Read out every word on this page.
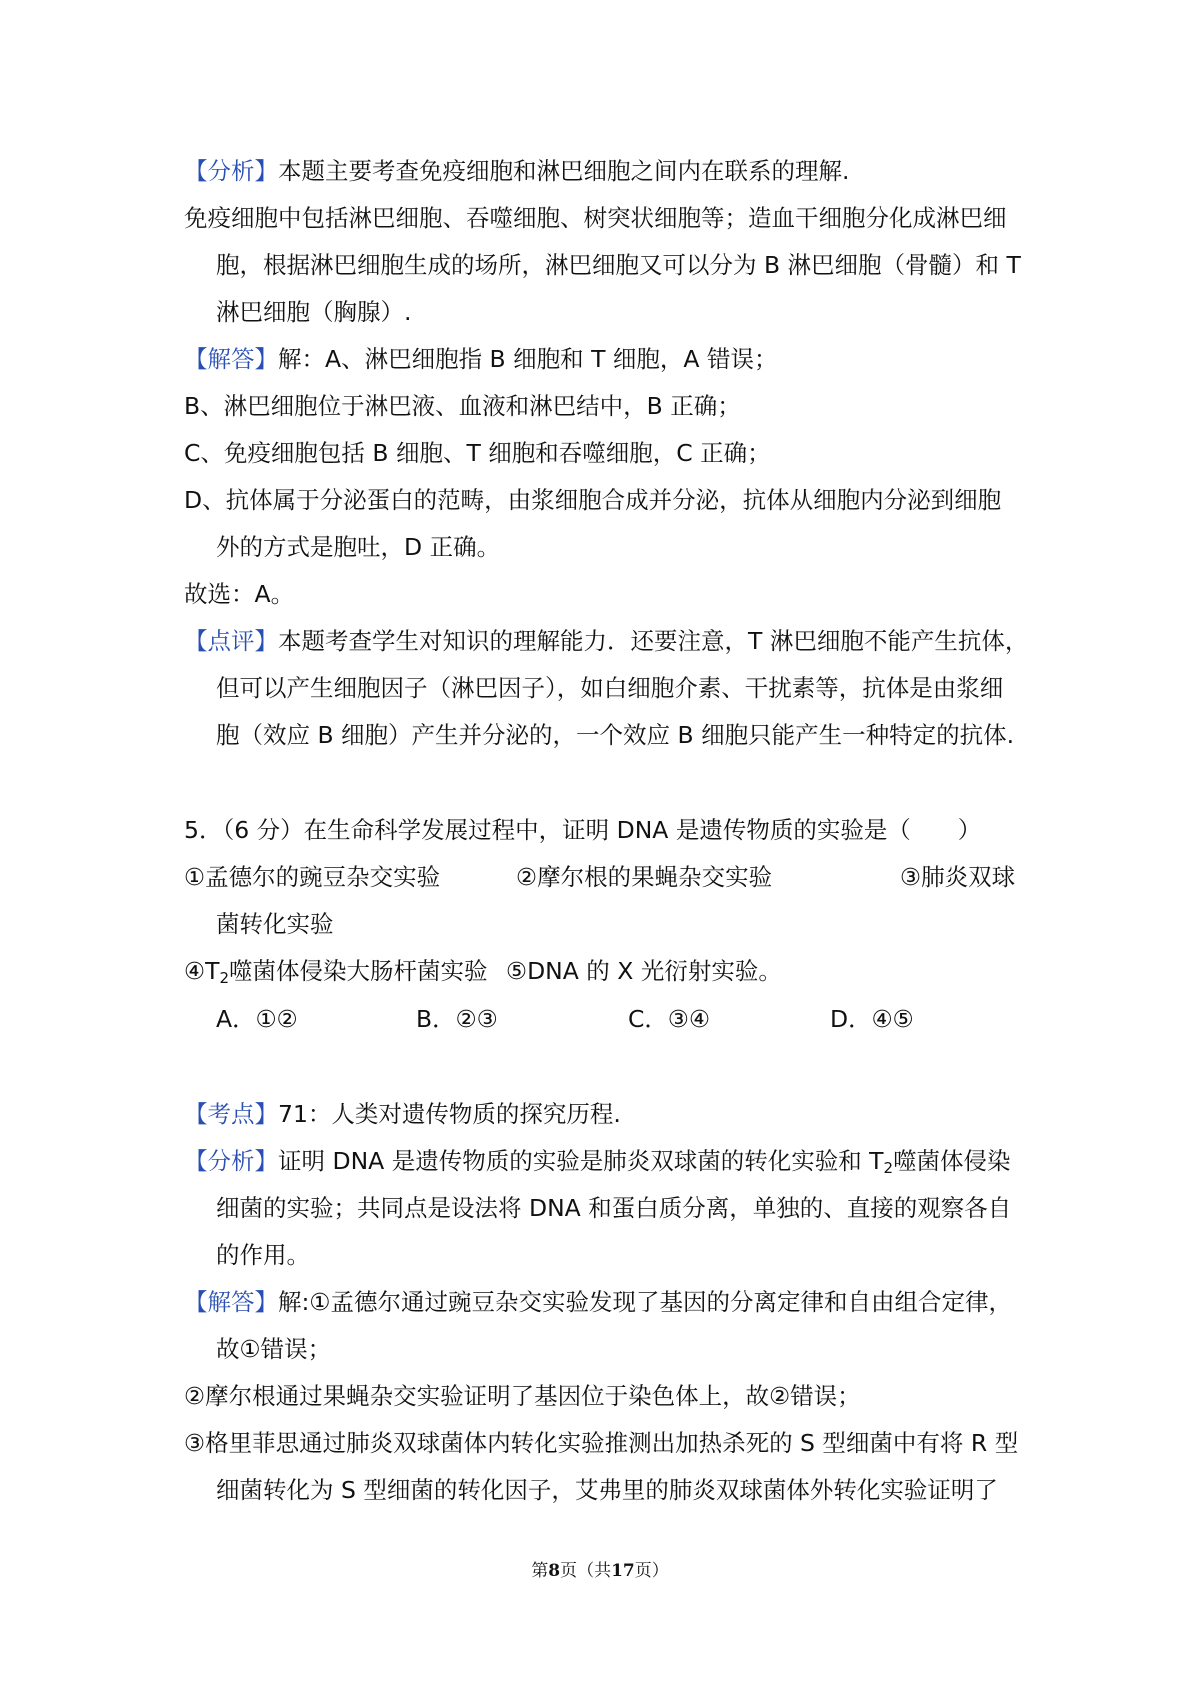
【分析】本题主要考查免疫细胞和淋巴细胞之间内在联系的理解.
免疫细胞中包括淋巴细胞、吞噬细胞、树突状细胞等；造血干细胞分化成淋巴细
胞，根据淋巴细胞生成的场所，淋巴细胞又可以分为 B 淋巴细胞（骨髓）和 T
淋巴细胞（胸腺）.
【解答】解：A、淋巴细胞指 B 细胞和 T 细胞，A 错误；
B、淋巴细胞位于淋巴液、血液和淋巴结中，B 正确；
C、免疫细胞包括 B 细胞、T 细胞和吞噬细胞，C 正确；
D、抗体属于分泌蛋白的范畴，由浆细胞合成并分泌，抗体从细胞内分泌到细胞
外的方式是胞吐，D 正确。
故选：A。
【点评】本题考查学生对知识的理解能力．还要注意，T 淋巴细胞不能产生抗体，
但可以产生细胞因子（淋巴因子），如白细胞介素、干扰素等，抗体是由浆细
胞（效应 B 细胞）产生并分泌的，一个效应 B 细胞只能产生一种特定的抗体.
5．（6 分）在生命科学发展过程中，证明 DNA 是遗传物质的实验是（　　）
①孟德尔的豌豆杂交实验	②摩尔根的果蝇杂交实验	③肺炎双球
菌转化实验
$④T_2$噬菌体侵染大肠杆菌实验 ⑤DNA 的 X 光衍射实验。
A．①②	B．②③	C．③④	D．④⑤
【考点】71：人类对遗传物质的探究历程.
【分析】证明 DNA 是遗传物质的实验是肺炎双球菌的转化实验和 $T_2$噬菌体侵染
细菌的实验；共同点是设法将 DNA 和蛋白质分离，单独的、直接的观察各自
的作用。
【解答】解:①孟德尔通过豌豆杂交实验发现了基因的分离定律和自由组合定律，
故①错误；
②摩尔根通过果蝇杂交实验证明了基因位于染色体上，故②错误；
③格里菲思通过肺炎双球菌体内转化实验推测出加热杀死的 S 型细菌中有将 R 型
细菌转化为 S 型细菌的转化因子，艾弗里的肺炎双球菌体外转化实验证明了
第8页（共17页）
